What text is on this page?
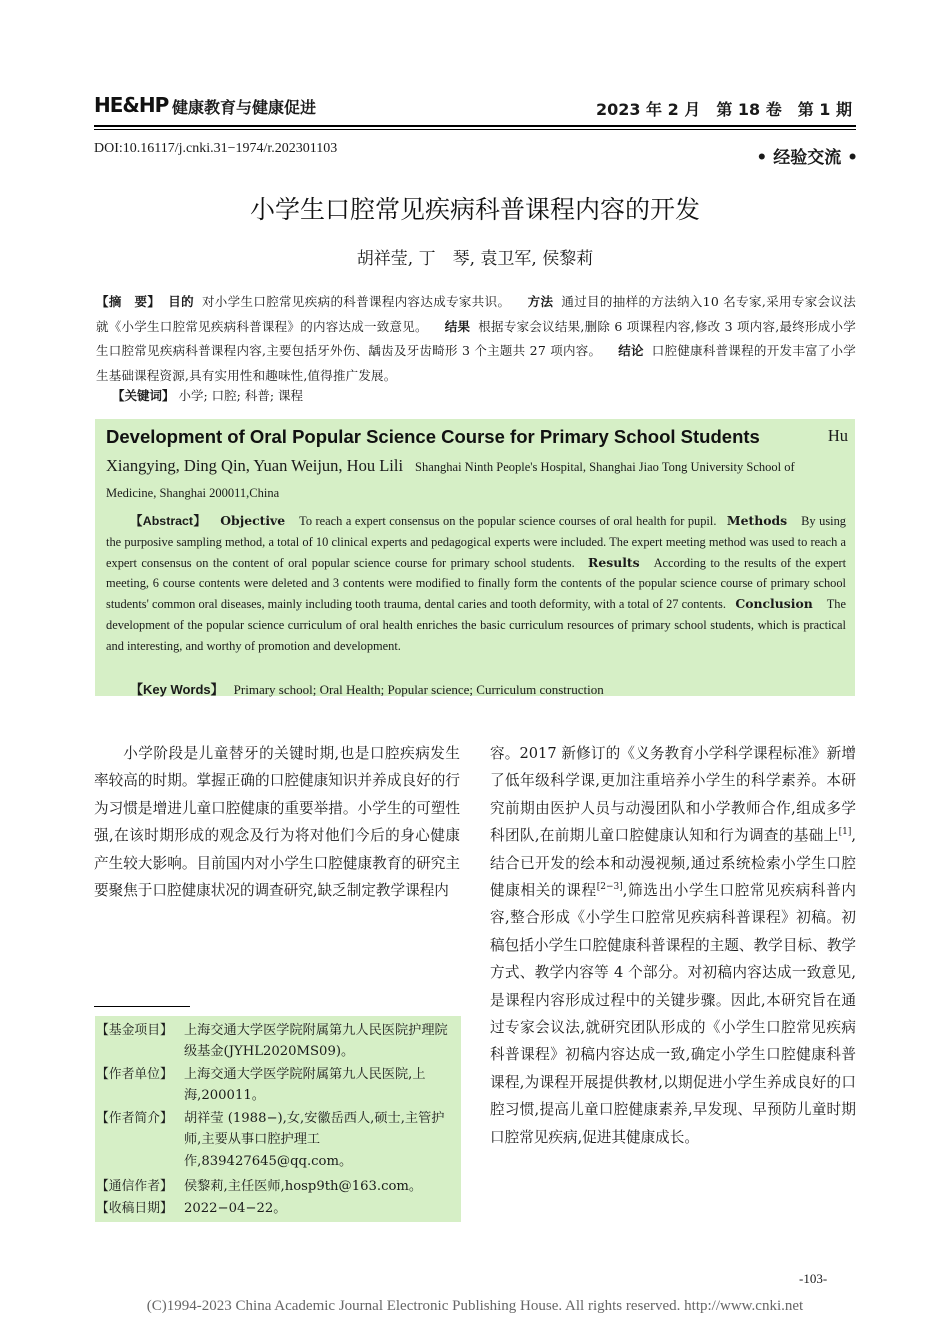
HE&HP 健康教育与健康促进	2023 年 2 月　第 18 卷　第 1 期
DOI:10.16117/j.cnki.31−1974/r.202301103	• 经验交流 •
小学生口腔常见疾病科普课程内容的开发
胡祥莹, 丁　琴, 袁卫军, 侯黎莉
【摘　要】 目的 对小学生口腔常见疾病的科普课程内容达成专家共识。 方法 通过目的抽样的方法纳入10 名专家,采用专家会议法就《小学生口腔常见疾病科普课程》的内容达成一致意见。 结果 根据专家会议结果,删除 6 项课程内容,修改 3 项内容,最终形成小学生口腔常见疾病科普课程内容,主要包括牙外伤、龋齿及牙齿畸形 3 个主题共 27 项内容。 结论 口腔健康科普课程的开发丰富了小学生基础课程资源,具有实用性和趣味性,值得推广发展。
【关键词】 小学; 口腔; 科普; 课程
Development of Oral Popular Science Course for Primary School Students	Hu
Xiangying, Ding Qin, Yuan Weijun, Hou Lili Shanghai Ninth People's Hospital, Shanghai Jiao Tong University School of
Medicine, Shanghai 200011,China
【Abstract】 Objective To reach a expert consensus on the popular science courses of oral health for pupil. Methods By using the purposive sampling method, a total of 10 clinical experts and pedagogical experts were included. The expert meeting method was used to reach a expert consensus on the content of oral popular science course for primary school students. Results According to the results of the expert meeting, 6 course contents were deleted and 3 contents were modified to finally form the contents of the popular science course of primary school students' common oral diseases, mainly including tooth trauma, dental caries and tooth deformity, with a total of 27 contents. Conclusion The development of the popular science curriculum of oral health enriches the basic curriculum resources of primary school students, which is practical and interesting, and worthy of promotion and development.
【Key Words】 Primary school; Oral Health; Popular science; Curriculum construction

小学阶段是儿童替牙的关键时期,也是口腔疾病发生率较高的时期。掌握正确的口腔健康知识并养成良好的行为习惯是增进儿童口腔健康的重要举措。小学生的可塑性强,在该时期形成的观念及行为将对他们今后的身心健康产生较大影响。目前国内对小学生口腔健康教育的研究主要聚焦于口腔健康状况的调查研究,缺乏制定教学课程内

容。2017 新修订的《义务教育小学科学课程标准》新增了低年级科学课,更加注重培养小学生的科学素养。本研究前期由医护人员与动漫团队和小学教师合作,组成多学科团队,在前期儿童口腔健康认知和行为调查的基础上[1],结合已开发的绘本和动漫视频,通过系统检索小学生口腔健康相关的课程[2−3],筛选出小学生口腔常见疾病科普内容,整合形成《小学生口腔常见疾病科普课程》初稿。初稿包括小学生口腔健康科普课程的主题、教学目标、教学方式、教学内容等 4 个部分。对初稿内容达成一致意见,是课程内容形成过程中的关键步骤。因此,本研究旨在通过专家会议法,就研究团队形成的《小学生口腔常见疾病科普课程》初稿内容达成一致,确定小学生口腔健康科普课程,为课程开展提供教材,以期促进小学生养成良好的口腔习惯,提高儿童口腔健康素养,早发现、早预防儿童时期口腔常见疾病,促进其健康成长。

【基金项目】 上海交通大学医学院附属第九人民医院护理院级基金(JYHL2020MS09)。
【作者单位】 上海交通大学医学院附属第九人民医院,上海,200011。
【作者简介】 胡祥莹 (1988−),女,安徽岳西人,硕士,主管护师,主要从事口腔护理工作,839427645@qq.com。
【通信作者】 侯黎莉,主任医师,hosp9th@163.com。
【收稿日期】 2022−04−22。
-103-
(C)1994-2023 China Academic Journal Electronic Publishing House. All rights reserved. http://www.cnki.net
